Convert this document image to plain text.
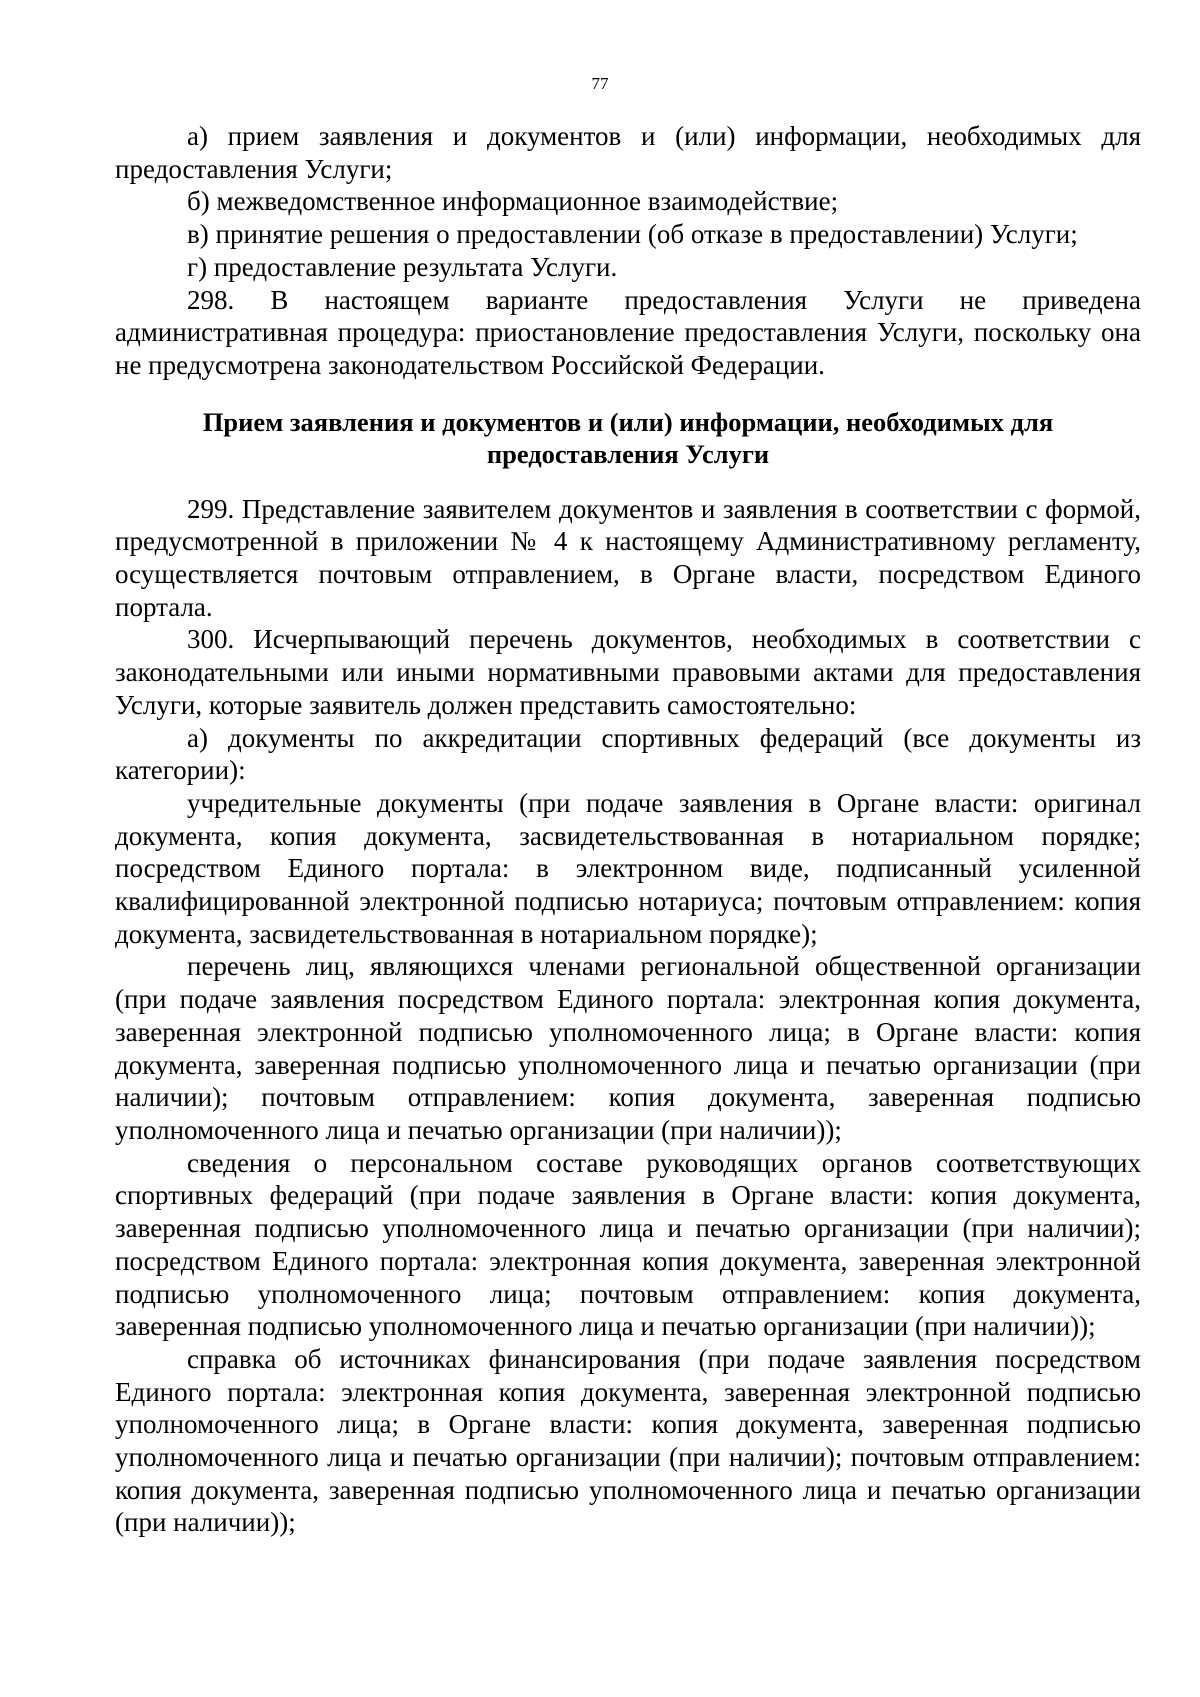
77

а) прием заявления и документов и (или) информации, необходимых для предоставления Услуги;

б) межведомственное информационное взаимодействие;

в) принятие решения о предоставлении (об отказе в предоставлении) Услуги;

г) предоставление результата Услуги.

298. В настоящем варианте предоставления Услуги не приведена административная процедура: приостановление предоставления Услуги, поскольку она не предусмотрена законодательством Российской Федерации.

Прием заявления и документов и (или) информации, необходимых для предоставления Услуги

299. Представление заявителем документов и заявления в соответствии с формой, предусмотренной в приложении № 4 к настоящему Административному регламенту, осуществляется почтовым отправлением, в Органе власти, посредством Единого портала.

300. Исчерпывающий перечень документов, необходимых в соответствии с законодательными или иными нормативными правовыми актами для предоставления Услуги, которые заявитель должен представить самостоятельно:

а) документы по аккредитации спортивных федераций (все документы из категории):

учредительные документы (при подаче заявления в Органе власти: оригинал документа, копия документа, засвидетельствованная в нотариальном порядке; посредством Единого портала: в электронном виде, подписанный усиленной квалифицированной электронной подписью нотариуса; почтовым отправлением: копия документа, засвидетельствованная в нотариальном порядке);

перечень лиц, являющихся членами региональной общественной организации (при подаче заявления посредством Единого портала: электронная копия документа, заверенная электронной подписью уполномоченного лица; в Органе власти: копия документа, заверенная подписью уполномоченного лица и печатью организации (при наличии); почтовым отправлением: копия документа, заверенная подписью уполномоченного лица и печатью организации (при наличии));

сведения о персональном составе руководящих органов соответствующих спортивных федераций (при подаче заявления в Органе власти: копия документа, заверенная подписью уполномоченного лица и печатью организации (при наличии); посредством Единого портала: электронная копия документа, заверенная электронной подписью уполномоченного лица; почтовым отправлением: копия документа, заверенная подписью уполномоченного лица и печатью организации (при наличии));

справка об источниках финансирования (при подаче заявления посредством Единого портала: электронная копия документа, заверенная электронной подписью уполномоченного лица; в Органе власти: копия документа, заверенная подписью уполномоченного лица и печатью организации (при наличии); почтовым отправлением: копия документа, заверенная подписью уполномоченного лица и печатью организации (при наличии));
